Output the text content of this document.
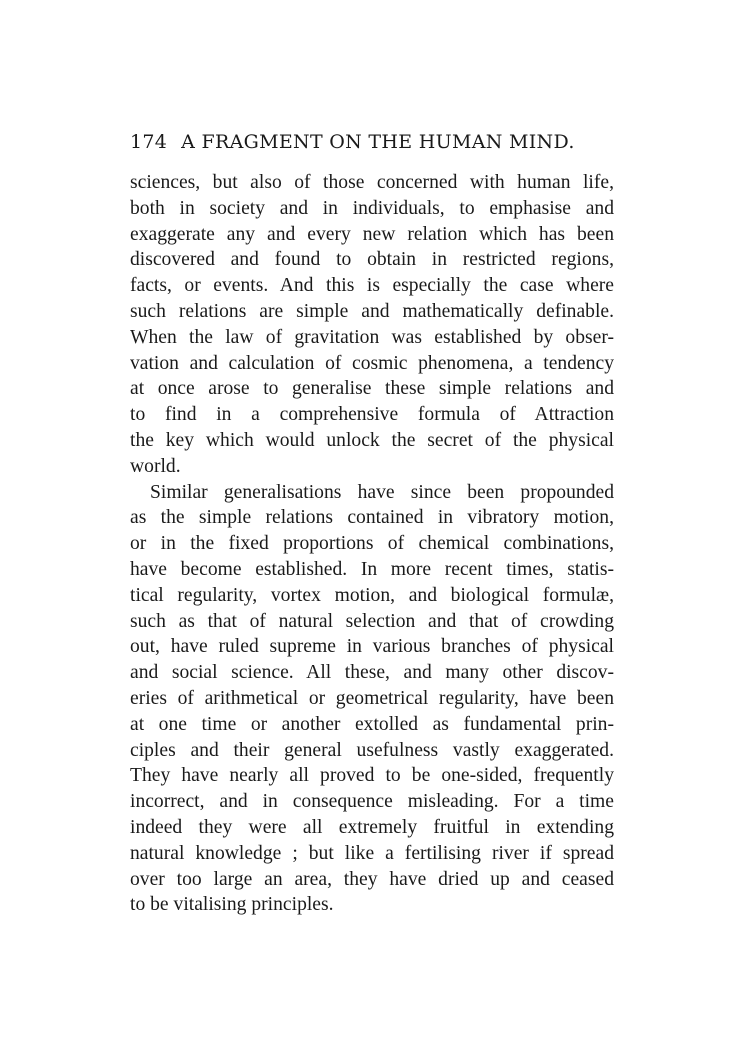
174 A FRAGMENT ON THE HUMAN MIND.
sciences, but also of those concerned with human life,
both in society and in individuals, to emphasise and
exaggerate any and every new relation which has been
discovered and found to obtain in restricted regions,
facts, or events. And this is especially the case where
such relations are simple and mathematically definable.
When the law of gravitation was established by obser-
vation and calculation of cosmic phenomena, a tendency
at once arose to generalise these simple relations and
to find in a comprehensive formula of Attraction
the key which would unlock the secret of the physical
world.
Similar generalisations have since been propounded
as the simple relations contained in vibratory motion,
or in the fixed proportions of chemical combinations,
have become established. In more recent times, statis-
tical regularity, vortex motion, and biological formulæ,
such as that of natural selection and that of crowding
out, have ruled supreme in various branches of physical
and social science. All these, and many other discov-
eries of arithmetical or geometrical regularity, have been
at one time or another extolled as fundamental prin-
ciples and their general usefulness vastly exaggerated.
They have nearly all proved to be one-sided, frequently
incorrect, and in consequence misleading. For a time
indeed they were all extremely fruitful in extending
natural knowledge ; but like a fertilising river if spread
over too large an area, they have dried up and ceased
to be vitalising principles.
